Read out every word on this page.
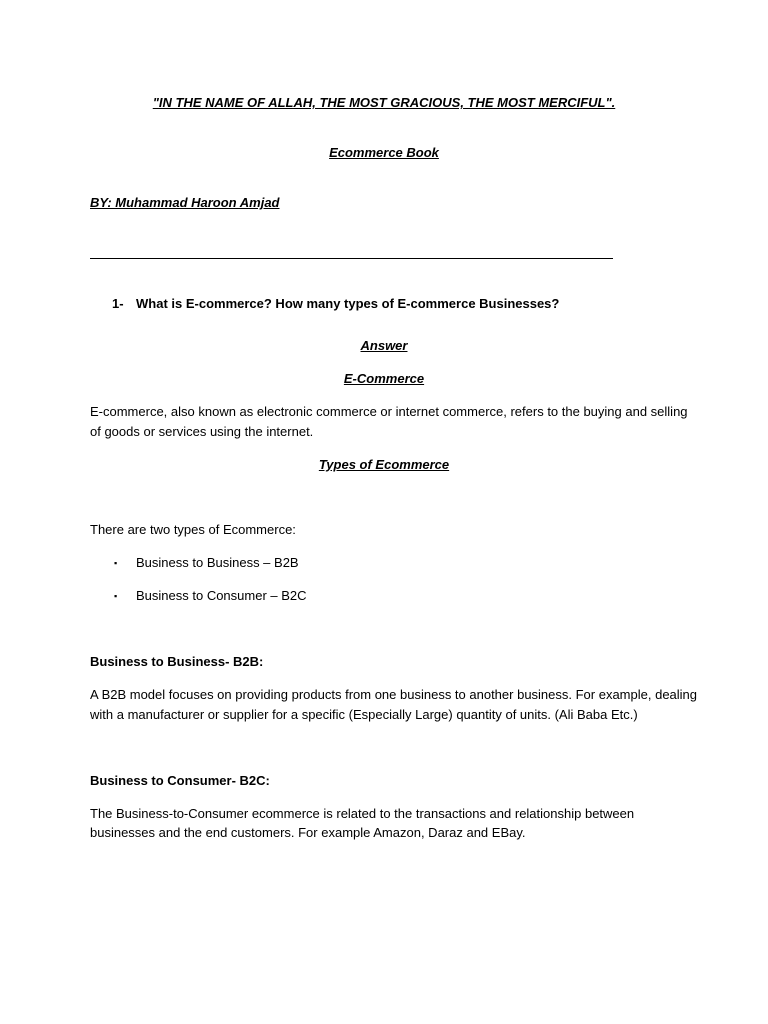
"IN THE NAME OF ALLAH, THE MOST GRACIOUS, THE MOST MERCIFUL".
Ecommerce Book
BY: Muhammad Haroon Amjad
1- What is E-commerce? How many types of E-commerce Businesses?
Answer
E-Commerce
E-commerce, also known as electronic commerce or internet commerce, refers to the buying and selling
of goods or services using the internet.
Types of Ecommerce
There are two types of Ecommerce:
▪ Business to Business – B2B
▪ Business to Consumer – B2C
Business to Business- B2B:
A B2B model focuses on providing products from one business to another business. For example, dealing
with a manufacturer or supplier for a specific (Especially Large) quantity of units. (Ali Baba Etc.)
Business to Consumer- B2C:
The Business-to-Consumer ecommerce is related to the transactions and relationship between
businesses and the end customers. For example Amazon, Daraz and EBay.
